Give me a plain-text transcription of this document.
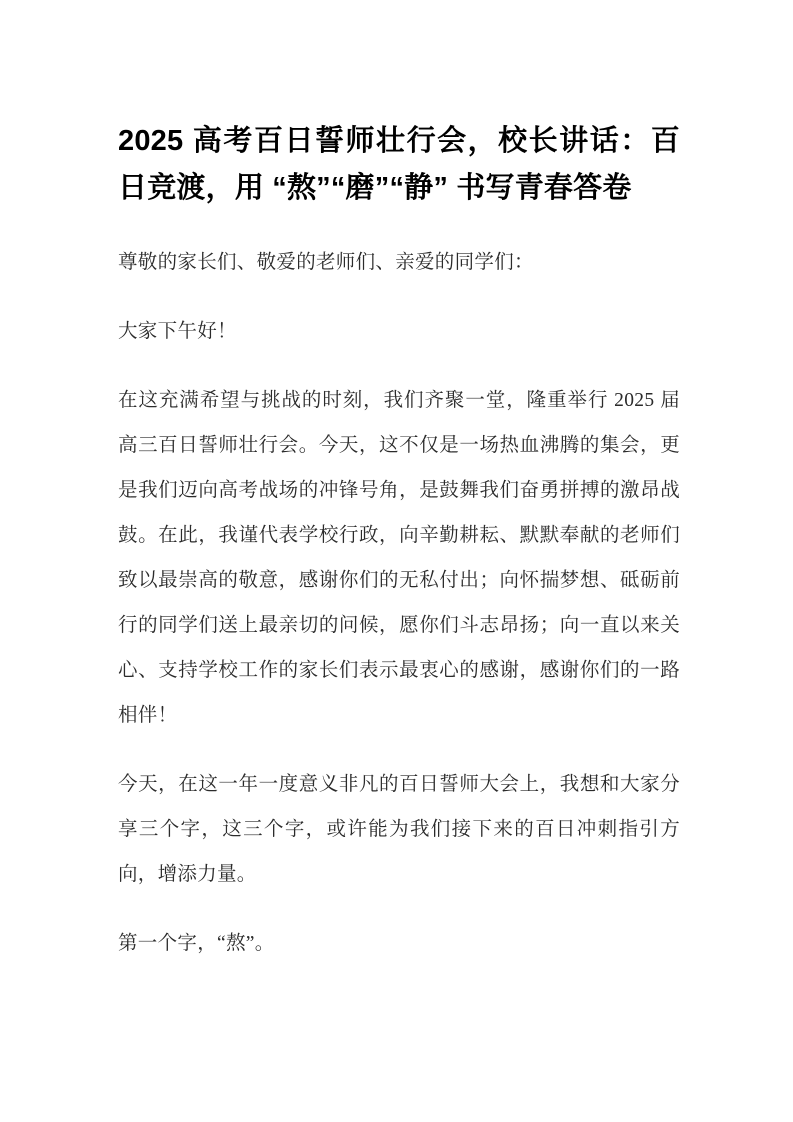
2025 高考百日誓师壮行会，校长讲话：百日竞渡，用 “熬”“磨”“静” 书写青春答卷

尊敬的家长们、敬爱的老师们、亲爱的同学们：

大家下午好！

在这充满希望与挑战的时刻，我们齐聚一堂，隆重举行 2025 届高三百日誓师壮行会。今天，这不仅是一场热血沸腾的集会，更是我们迈向高考战场的冲锋号角，是鼓舞我们奋勇拼搏的激昂战鼓。在此，我谨代表学校行政，向辛勤耕耘、默默奉献的老师们致以最崇高的敬意，感谢你们的无私付出；向怀揣梦想、砥砺前行的同学们送上最亲切的问候，愿你们斗志昂扬；向一直以来关心、支持学校工作的家长们表示最衷心的感谢，感谢你们的一路相伴！

今天，在这一年一度意义非凡的百日誓师大会上，我想和大家分享三个字，这三个字，或许能为我们接下来的百日冲刺指引方向，增添力量。

第一个字，“熬”。
